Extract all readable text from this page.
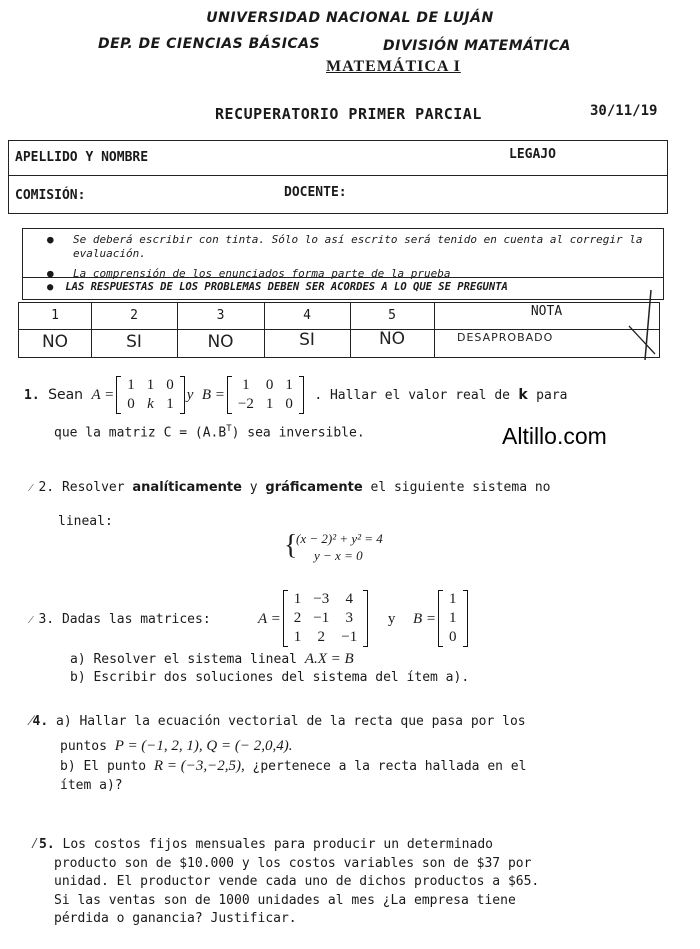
UNIVERSIDAD NACIONAL DE LUJÁN
DEP. DE CIENCIAS BÁSICAS	DIVISIÓN MATEMÁTICA
MATEMÁTICA I
RECUPERATORIO PRIMER PARCIAL	30/11/19
APELLIDO Y NOMBRE	LEGAJO
COMISIÓN:	DOCENTE:
● Se deberá escribir con tinta. Sólo lo así escrito será tenido en cuenta al corregir la evaluación.
● La comprensión de los enunciados forma parte de la prueba
● LAS RESPUESTAS DE LOS PROBLEMAS DEBEN SER ACORDES A LO QUE SE PREGUNTA
1	2	3	4	5	NOTA
NO	SI	NO	SI	NO	DESAPROBADO
1. Sean A =
1	1	0
0	k	1
y B =
1	0	1
−2	1	0
. Hallar el valor real de k para
que la matriz $C = (A.B^T)$ sea inversible.	Altillo.com
⁄ 2. Resolver analíticamente y gráficamente el siguiente sistema no
lineal:
{
(x − 2)² + y² = 4
y − x = 0
⁄ 3. Dadas las matrices:	A =
1	−3	4
2	−1	3
1	2	−1
y B =
1
1
0
a) Resolver el sistema lineal A.X = B
b) Escribir dos soluciones del sistema del ítem a).
⁄4. a) Hallar la ecuación vectorial de la recta que pasa por los
puntos P = (−1, 2, 1), Q = (− 2,0,4).
b) El punto R = (−3,−2,5), ¿pertenece a la recta hallada en el
ítem a)?
⁄5. Los costos fijos mensuales para producir un determinado
producto son de $10.000 y los costos variables son de $37 por
unidad. El productor vende cada uno de dichos productos a $65.
Si las ventas son de 1000 unidades al mes ¿La empresa tiene
pérdida o ganancia? Justificar.
